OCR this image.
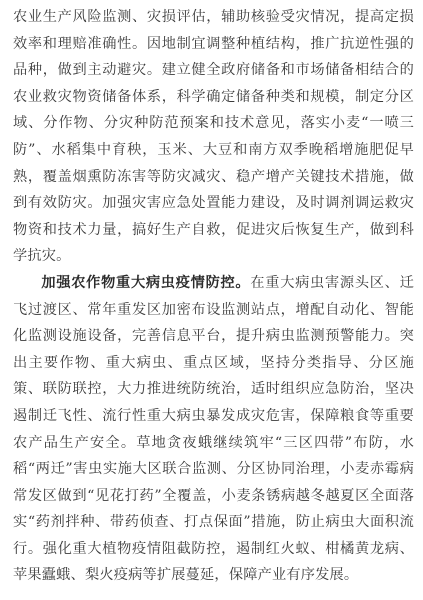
农业生产风险监测、灾损评估，辅助核验受灾情况，提高定损效率和理赔准确性。因地制宜调整种植结构，推广抗逆性强的品种，做到主动避灾。建立健全政府储备和市场储备相结合的农业救灾物资储备体系，科学确定储备种类和规模，制定分区域、分作物、分灾种防范预案和技术意见，落实小麦“一喷三防”、水稻集中育秧，玉米、大豆和南方双季晚稻增施肥促早熟，覆盖烟熏防冻害等防灾减灾、稳产增产关键技术措施，做到有效防灾。加强灾害应急处置能力建设，及时调剂调运救灾物资和技术力量，搞好生产自救，促进灾后恢复生产，做到科学抗灾。

加强农作物重大病虫疫情防控。在重大病虫害源头区、迁飞过渡区、常年重发区加密布设监测站点，增配自动化、智能化监测设施设备，完善信息平台，提升病虫监测预警能力。突出主要作物、重大病虫、重点区域，坚持分类指导、分区施策、联防联控，大力推进统防统治，适时组织应急防治，坚决遏制迁飞性、流行性重大病虫暴发成灾危害，保障粮食等重要农产品生产安全。草地贪夜蛾继续筑牢“三区四带”布防，水稻“两迁”害虫实施大区联合监测、分区协同治理，小麦赤霉病常发区做到“见花打药”全覆盖，小麦条锈病越冬越夏区全面落实“药剂拌种、带药侦查、打点保面”措施，防止病虫大面积流行。强化重大植物疫情阻截防控，遏制红火蚁、柑橘黄龙病、苹果蠹蛾、梨火疫病等扩展蔓延，保障产业有序发展。
